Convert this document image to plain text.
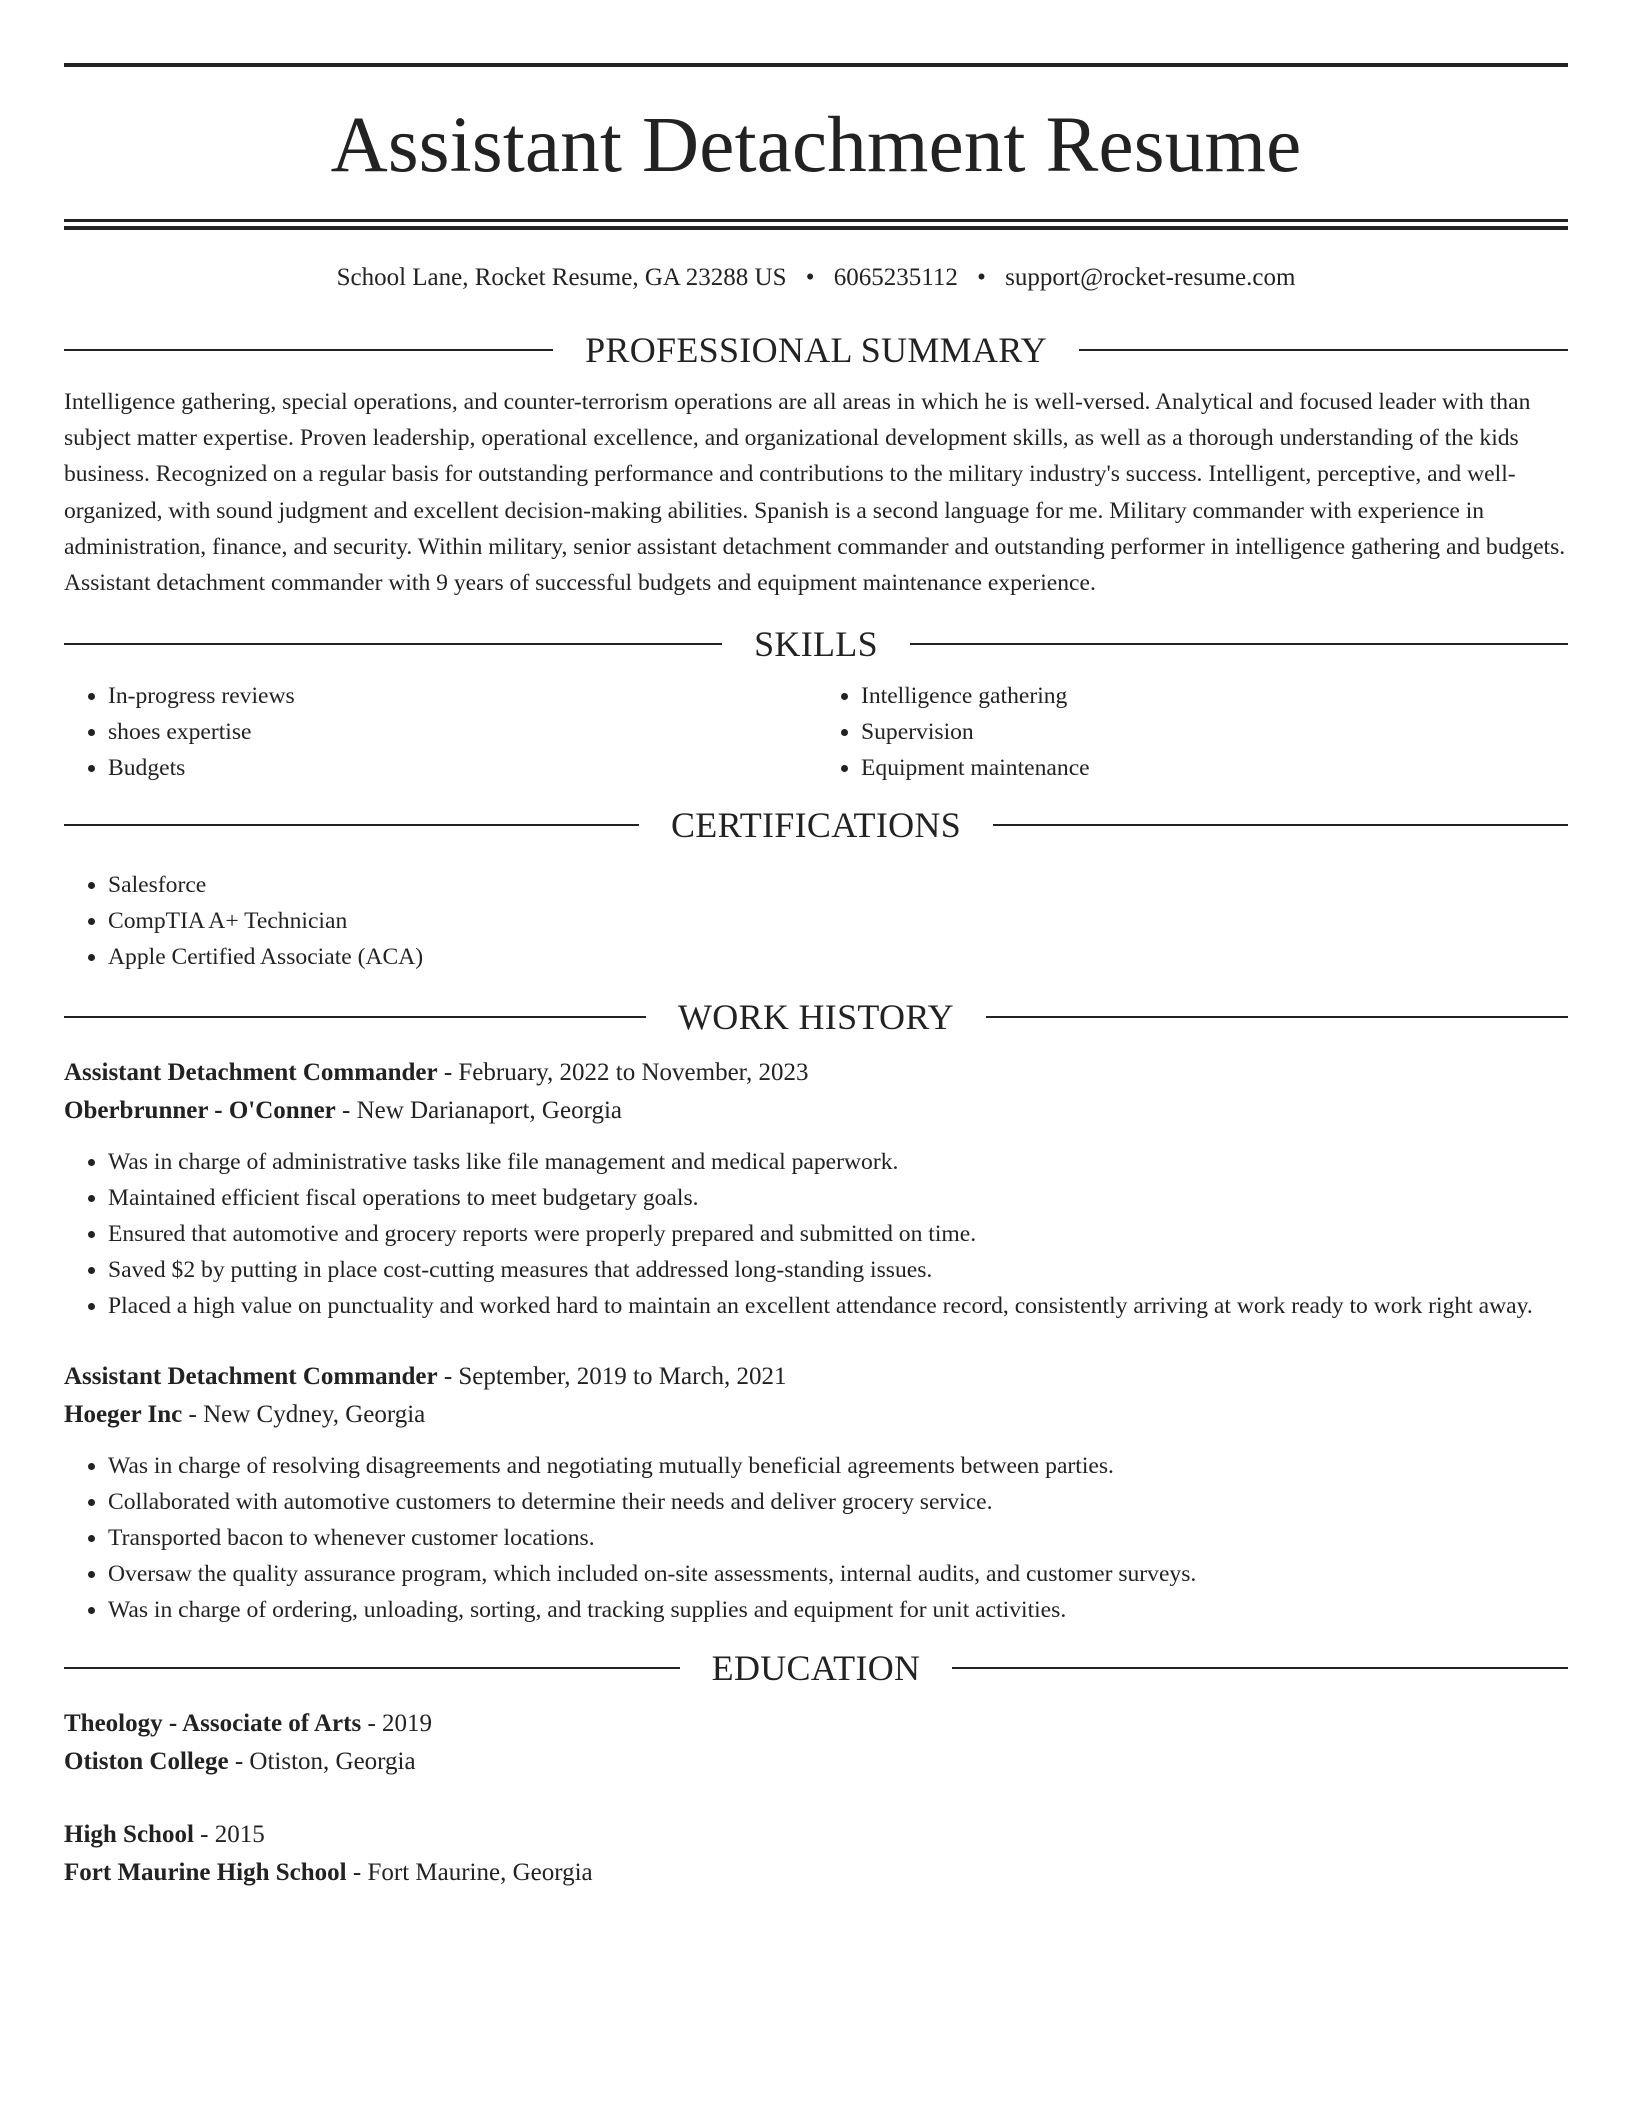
Assistant Detachment Resume
School Lane, Rocket Resume, GA 23288 US • 6065235112 • support@rocket-resume.com
PROFESSIONAL SUMMARY

Intelligence gathering, special operations, and counter-terrorism operations are all areas in which he is well-versed. Analytical and focused leader with than subject matter expertise. Proven leadership, operational excellence, and organizational development skills, as well as a thorough understanding of the kids business. Recognized on a regular basis for outstanding performance and contributions to the military industry's success. Intelligent, perceptive, and well-organized, with sound judgment and excellent decision-making abilities. Spanish is a second language for me. Military commander with experience in administration, finance, and security. Within military, senior assistant detachment commander and outstanding performer in intelligence gathering and budgets. Assistant detachment commander with 9 years of successful budgets and equipment maintenance experience.

SKILLS
• In-progress reviews
• shoes expertise
• Budgets
• Intelligence gathering
• Supervision
• Equipment maintenance
CERTIFICATIONS
• Salesforce
• CompTIA A+ Technician
• Apple Certified Associate (ACA)
WORK HISTORY
Assistant Detachment Commander - February, 2022 to November, 2023
Oberbrunner - O'Conner - New Darianaport, Georgia
• Was in charge of administrative tasks like file management and medical paperwork.
• Maintained efficient fiscal operations to meet budgetary goals.
• Ensured that automotive and grocery reports were properly prepared and submitted on time.
• Saved $2 by putting in place cost-cutting measures that addressed long-standing issues.
• Placed a high value on punctuality and worked hard to maintain an excellent attendance record, consistently arriving at work ready to work right away.
Assistant Detachment Commander - September, 2019 to March, 2021
Hoeger Inc - New Cydney, Georgia
• Was in charge of resolving disagreements and negotiating mutually beneficial agreements between parties.
• Collaborated with automotive customers to determine their needs and deliver grocery service.
• Transported bacon to whenever customer locations.
• Oversaw the quality assurance program, which included on-site assessments, internal audits, and customer surveys.
• Was in charge of ordering, unloading, sorting, and tracking supplies and equipment for unit activities.
EDUCATION
Theology - Associate of Arts - 2019
Otiston College - Otiston, Georgia
High School - 2015
Fort Maurine High School - Fort Maurine, Georgia
